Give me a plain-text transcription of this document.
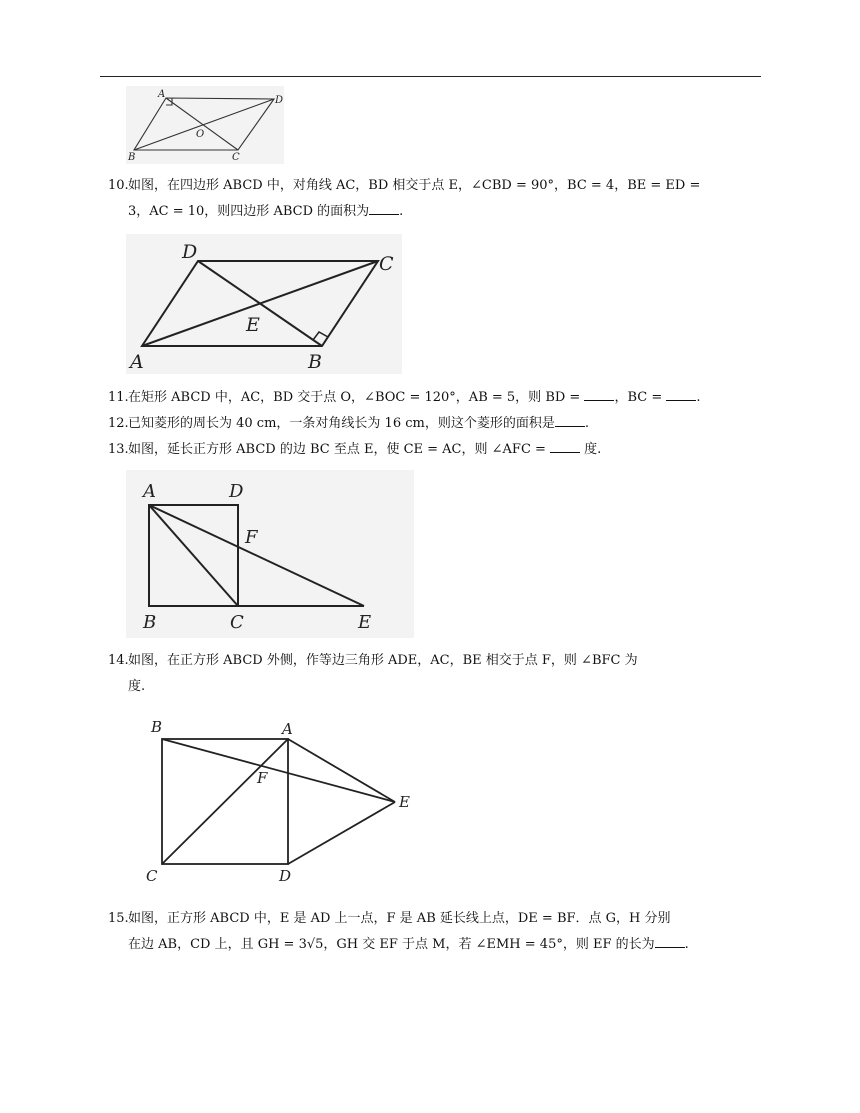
A
D
O
B	C
10.如图，在四边形 ABCD 中，对角线 AC，BD 相交于点 E，∠CBD = 90°，BC = 4，BE = ED =
3，AC = 10，则四边形 ABCD 的面积为 .
D
C
E
A	B
11.在矩形 ABCD 中，AC，BD 交于点 O，∠BOC = 120°，AB = 5，则 BD = ，BC = .
12.已知菱形的周长为 40 cm，一条对角线长为 16 cm，则这个菱形的面积是 .
13.如图，延长正方形 ABCD 的边 BC 至点 E，使 CE = AC，则 ∠AFC =  度.
A	D
F
B	C	E
14.如图，在正方形 ABCD 外侧，作等边三角形 ADE，AC，BE 相交于点 F，则 ∠BFC 为
度.
B	A
F
E
C	D
15.如图，正方形 ABCD 中，E 是 AD 上一点，F 是 AB 延长线上点，DE = BF．点 G，H 分别
在边 AB，CD 上，且 GH = 3√5，GH 交 EF 于点 M，若 ∠EMH = 45°，则 EF 的长为 .
